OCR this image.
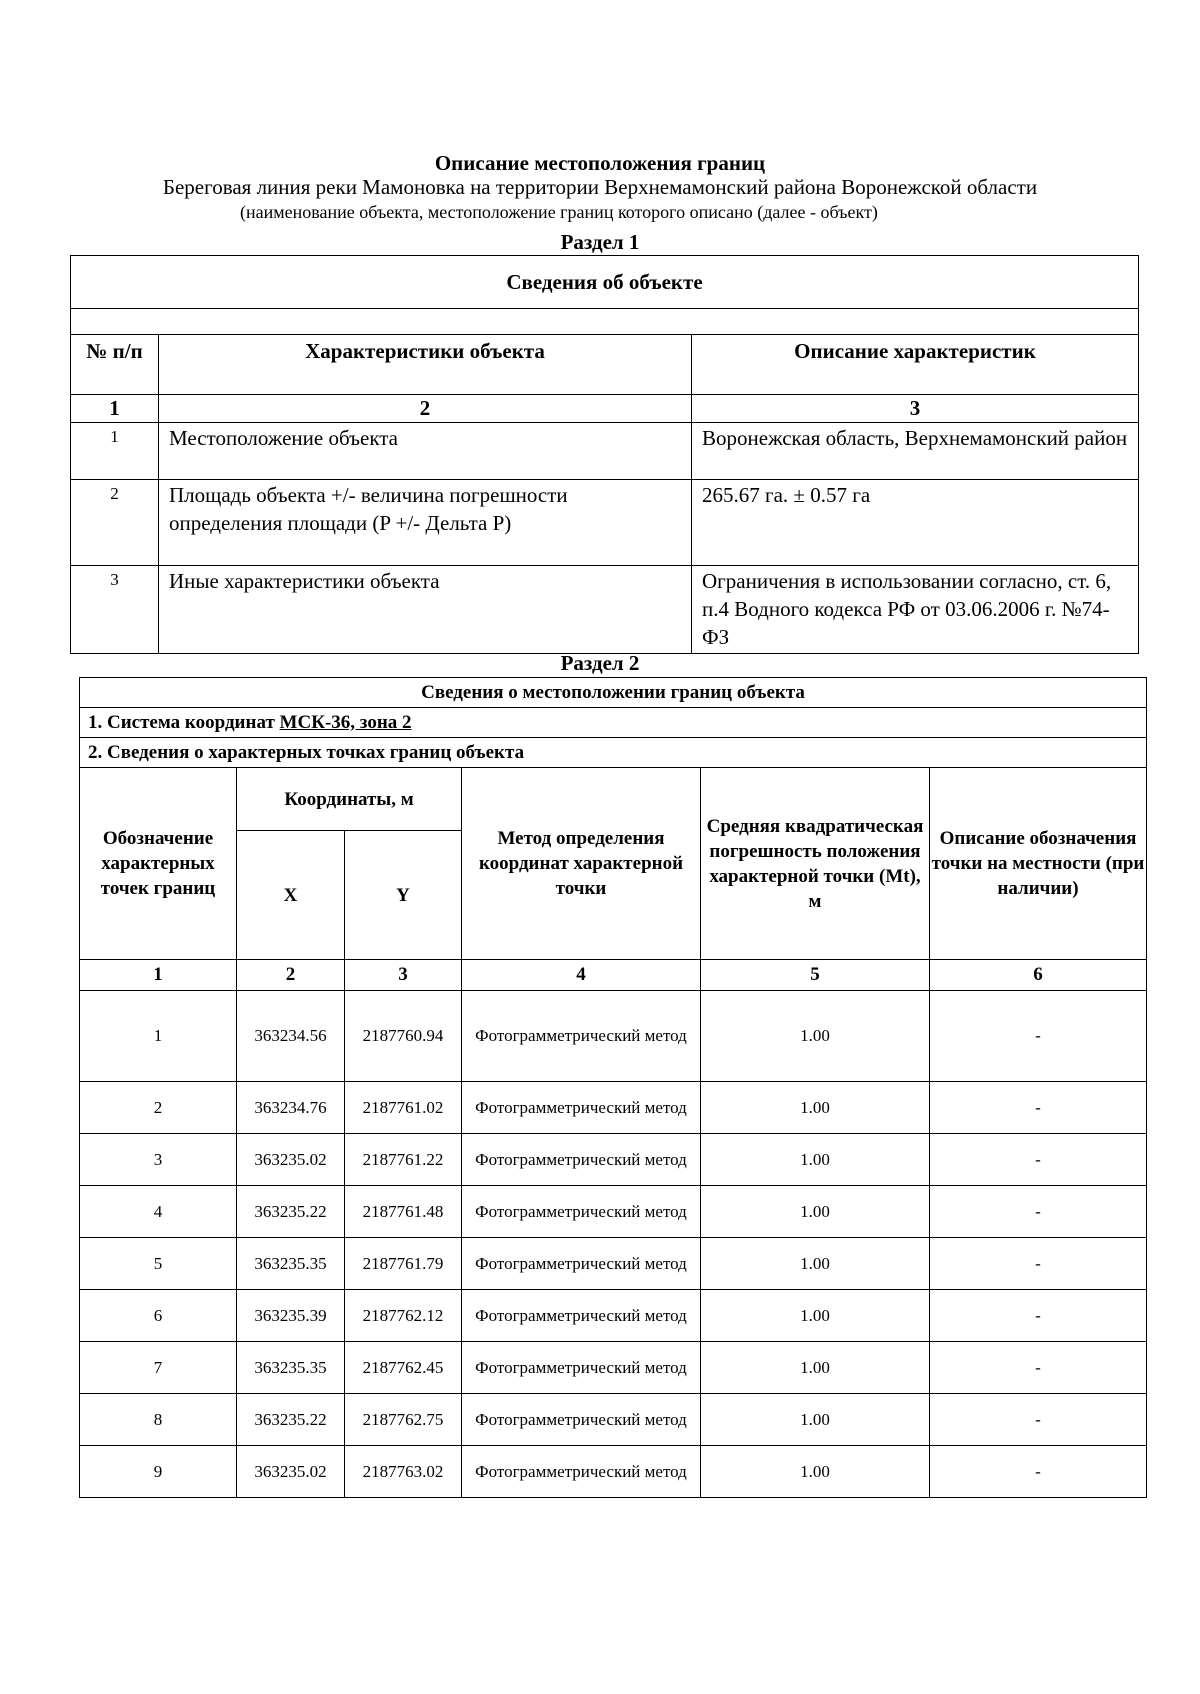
Описание местоположения границ
Береговая линия реки Мамоновка на территории Верхнемамонский района Воронежской области
(наименование объекта, местоположение границ которого описано (далее - объект)
Раздел 1
Сведения об объекте		

№ п/п	Характеристики объекта	Описание характеристик
1	2	3
1	Местоположение объекта	Воронежская область, Верхнемамонский район
2	Площадь объекта +/- величина погрешности определения площади (P +/- Дельта P)	265.67 га. ± 0.57 га
3	Иные характеристики объекта	Ограничения в использовании согласно, ст. 6, п.4 Водного кодекса РФ от 03.06.2006 г. №74-ФЗ
Раздел 2
Сведения о местоположении границ объекта					
1. Система координат МСК-36, зона 2					
2. Сведения о характерных точках границ объекта					
Обозначение характерных точек границ	Координаты, м		Метод определения координат характерной точки	Средняя квадратическая погрешность положения характерной точки (Mt), м	Описание обозначения точки на местности (при наличии)
	X	Y			
1	2	3	4	5	6
1	363234.56	2187760.94	Фотограмметрический метод	1.00	-
2	363234.76	2187761.02	Фотограмметрический метод	1.00	-
3	363235.02	2187761.22	Фотограмметрический метод	1.00	-
4	363235.22	2187761.48	Фотограмметрический метод	1.00	-
5	363235.35	2187761.79	Фотограмметрический метод	1.00	-
6	363235.39	2187762.12	Фотограмметрический метод	1.00	-
7	363235.35	2187762.45	Фотограмметрический метод	1.00	-
8	363235.22	2187762.75	Фотограмметрический метод	1.00	-
9	363235.02	2187763.02	Фотограмметрический метод	1.00	-
